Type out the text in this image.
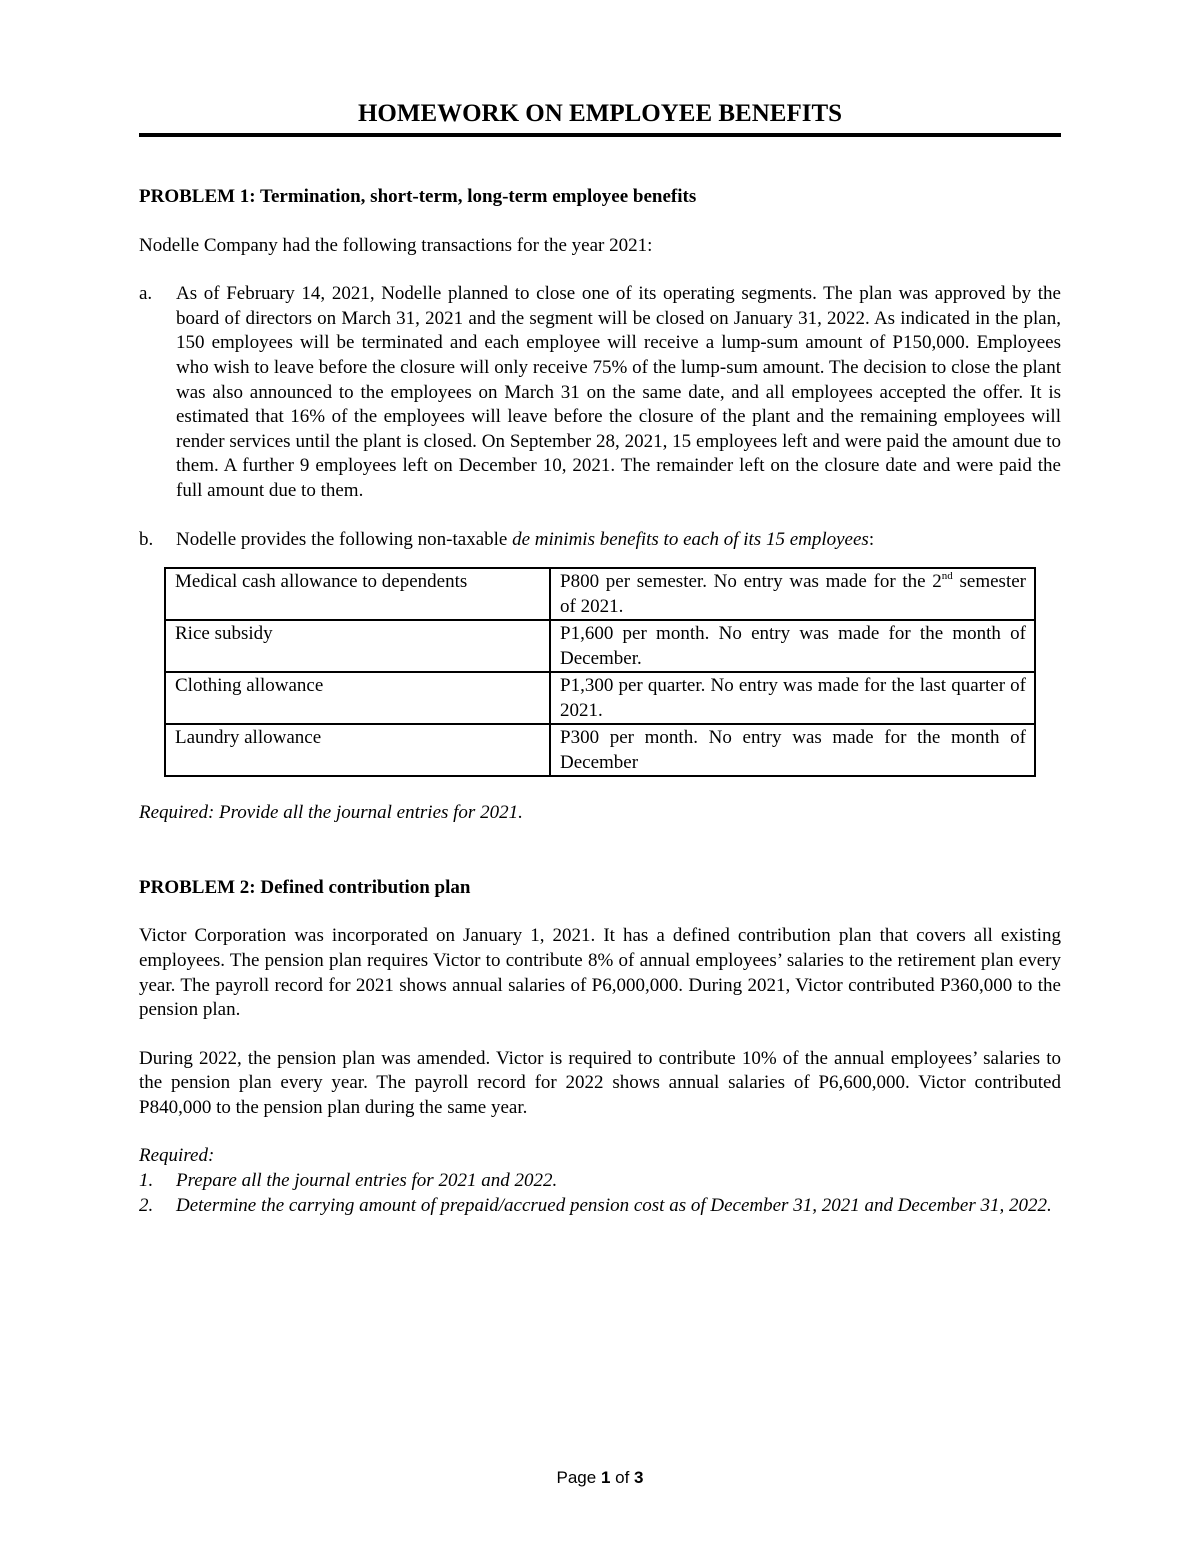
HOMEWORK ON EMPLOYEE BENEFITS

PROBLEM 1: Termination, short-term, long-term employee benefits

Nodelle Company had the following transactions for the year 2021:

a.	As of February 14, 2021, Nodelle planned to close one of its operating segments. The plan was approved by the board of directors on March 31, 2021 and the segment will be closed on January 31, 2022. As indicated in the plan, 150 employees will be terminated and each employee will receive a lump-sum amount of P150,000. Employees who wish to leave before the closure will only receive 75% of the lump-sum amount. The decision to close the plant was also announced to the employees on March 31 on the same date, and all employees accepted the offer. It is estimated that 16% of the employees will leave before the closure of the plant and the remaining employees will render services until the plant is closed. On September 28, 2021, 15 employees left and were paid the amount due to them. A further 9 employees left on December 10, 2021. The remainder left on the closure date and were paid the full amount due to them.
b.	Nodelle provides the following non-taxable de minimis benefits to each of its 15 employees:
Medical cash allowance to dependents	P800 per semester. No entry was made for the 2nd semester of 2021.
Rice subsidy	P1,600 per month. No entry was made for the month of December.
Clothing allowance	P1,300 per quarter. No entry was made for the last quarter of 2021.
Laundry allowance	P300 per month. No entry was made for the month of December

Required: Provide all the journal entries for 2021.

PROBLEM 2: Defined contribution plan

Victor Corporation was incorporated on January 1, 2021. It has a defined contribution plan that covers all existing employees. The pension plan requires Victor to contribute 8% of annual employees’ salaries to the retirement plan every year. The payroll record for 2021 shows annual salaries of P6,000,000. During 2021, Victor contributed P360,000 to the pension plan.

During 2022, the pension plan was amended. Victor is required to contribute 10% of the annual employees’ salaries to the pension plan every year. The payroll record for 2022 shows annual salaries of P6,600,000. Victor contributed P840,000 to the pension plan during the same year.

Required:

1.	Prepare all the journal entries for 2021 and 2022.
2.	Determine the carrying amount of prepaid/accrued pension cost as of December 31, 2021 and December 31, 2022.
Page 1 of 3
